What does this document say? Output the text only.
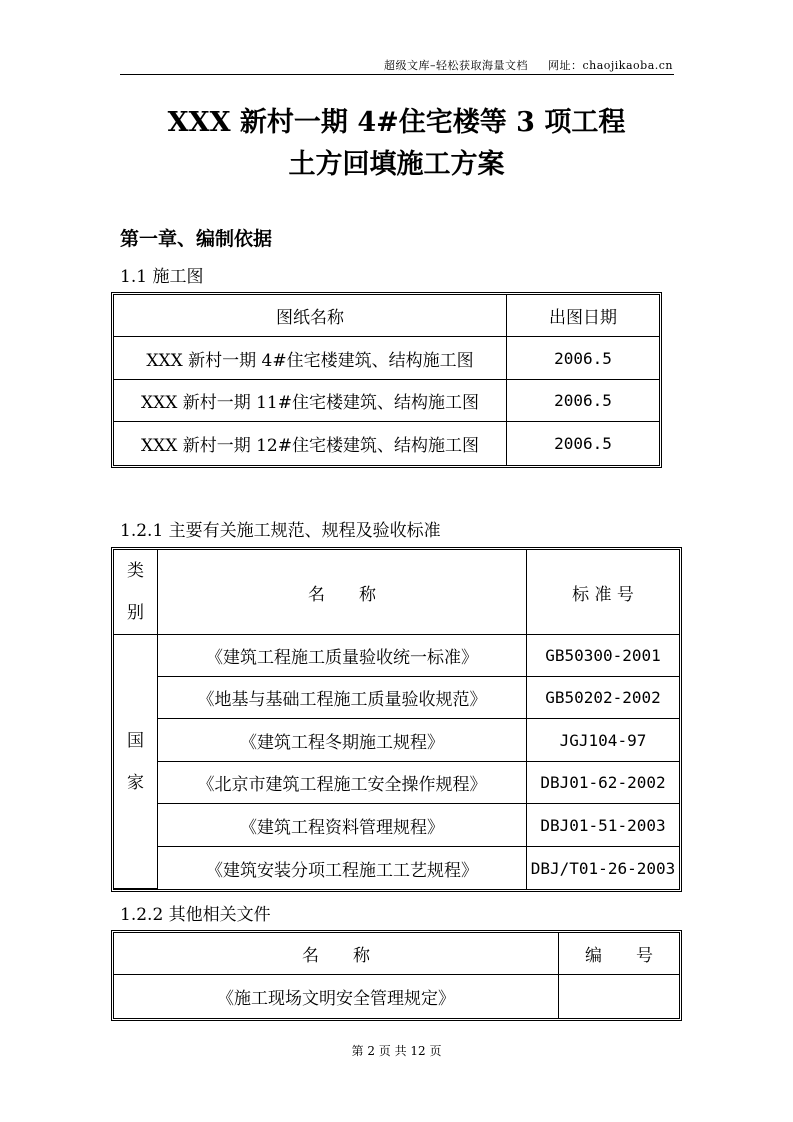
超级文库–轻松获取海量文档 网址：chaojikaoba.cn
XXX 新村一期 4#住宅楼等 3 项工程
土方回填施工方案
第一章、编制依据
1.1 施工图
图纸名称	出图日期
XXX 新村一期 4#住宅楼建筑、结构施工图	2006.5
XXX 新村一期 11#住宅楼建筑、结构施工图	2006.5
XXX 新村一期 12#住宅楼建筑、结构施工图	2006.5
1.2.1 主要有关施工规范、规程及验收标准
类别	名　　称	标 准 号
国家	《建筑工程施工质量验收统一标准》	GB50300-2001
	《地基与基础工程施工质量验收规范》	GB50202-2002
	《建筑工程冬期施工规程》	JGJ104-97
	《北京市建筑工程施工安全操作规程》	DBJ01-62-2002
	《建筑工程资料管理规程》	DBJ01-51-2003
	《建筑安装分项工程施工工艺规程》	DBJ/T01-26-2003
1.2.2 其他相关文件
名　　称	编　　号
《施工现场文明安全管理规定》	
第 2 页 共 12 页
